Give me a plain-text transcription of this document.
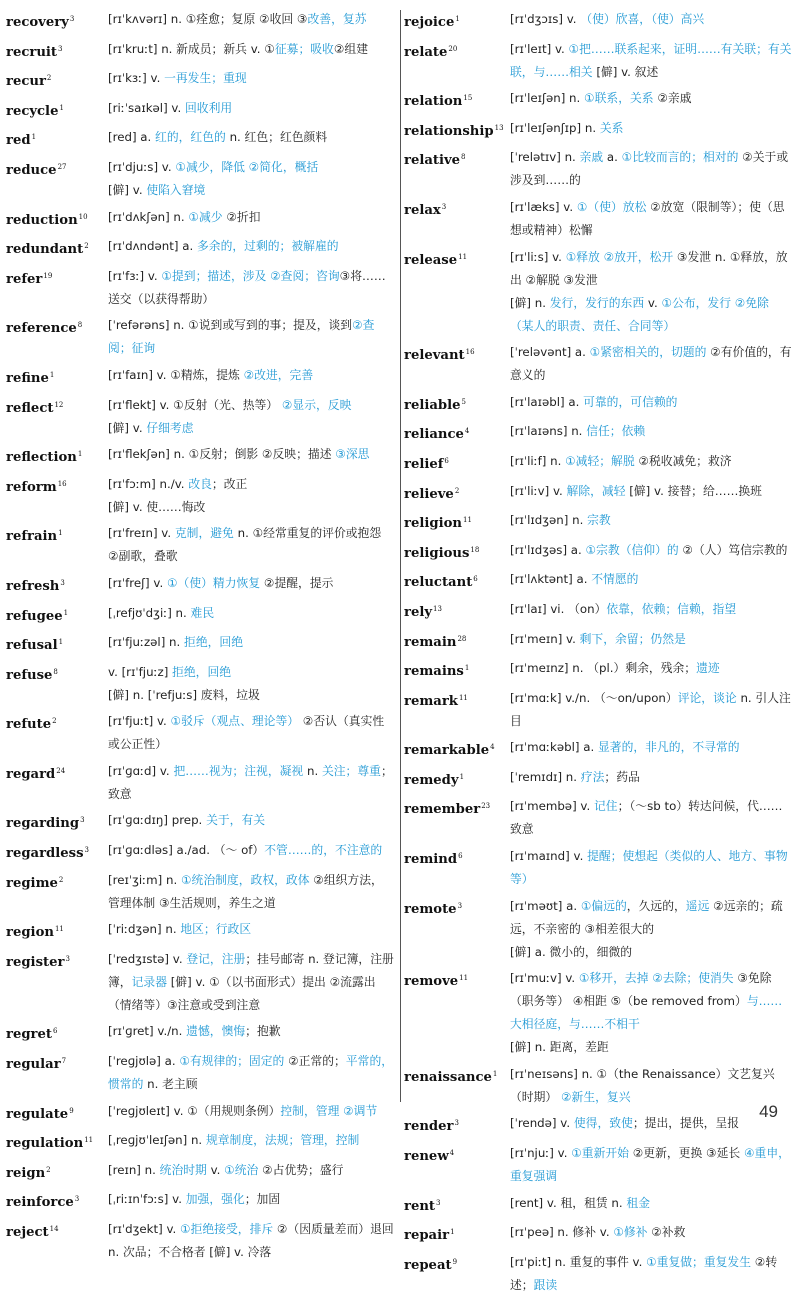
recovery$^3$	[rɪˈkʌvərɪ] n. ①痊愈；复原 ②收回 ③改善，复苏
recruit$^3$	[rɪˈkruːt] n. 新成员；新兵 v. ①征募；吸收②组建
recur$^2$	[rɪˈkɜː] v. 一再发生；重现
recycle$^1$	[riːˈsaɪkəl] v. 回收利用
red$^1$	[red] a. 红的，红色的 n. 红色；红色颜料
reduce$^{27}$	[rɪˈdjuːs] v. ①减少，降低 ②简化，概括
[僻] v. 使陷入窘境
reduction$^{10}$	[rɪˈdʌkʃən] n. ①减少 ②折扣
redundant$^2$	[rɪˈdʌndənt] a. 多余的，过剩的；被解雇的
refer$^{19}$	[rɪˈfɜː] v. ①提到；描述，涉及 ②查阅；咨询③将……送交（以获得帮助）
reference$^8$	[ˈrefərəns] n. ①说到或写到的事；提及，谈到②查阅；征询
refine$^1$	[rɪˈfaɪn] v. ①精炼，提炼 ②改进，完善
reflect$^{12}$	[rɪˈflekt] v. ①反射（光、热等） ②显示，反映
[僻] v. 仔细考虑
reflection$^1$	[rɪˈflekʃən] n. ①反射；倒影 ②反映；描述 ③深思
reform$^{16}$	[rɪˈfɔːm] n./v. 改良；改正
[僻] v. 使……悔改
refrain$^1$	[rɪˈfreɪn] v. 克制，避免 n. ①经常重复的评价或抱怨 ②副歌，叠歌
refresh$^3$	[rɪˈfreʃ] v. ①（使）精力恢复 ②提醒，提示
refugee$^1$	[ˌrefjʊˈdʒiː] n. 难民
refusal$^1$	[rɪˈfjuːzəl] n. 拒绝，回绝
refuse$^8$	v. [rɪˈfjuːz] 拒绝，回绝
[僻] n. [ˈrefjuːs] 废料，垃圾
refute$^2$	[rɪˈfjuːt] v. ①驳斥（观点、理论等） ②否认（真实性或公正性）
regard$^{24}$	[rɪˈɡɑːd] v. 把……视为；注视，凝视 n. 关注；尊重；致意
regarding$^3$	[rɪˈɡɑːdɪŋ] prep. 关于，有关
regardless$^3$	[rɪˈɡɑːdləs] a./ad. （～ of）不管……的，不注意的
regime$^2$	[reɪˈʒiːm] n. ①统治制度，政权，政体 ②组织方法，管理体制 ③生活规则，养生之道
region$^{11}$	[ˈriːdʒən] n. 地区；行政区
register$^3$	[ˈredʒɪstə] v. 登记，注册；挂号邮寄 n. 登记簿，注册簿，记录器 [僻] v. ①（以书面形式）提出 ②流露出（情绪等）③注意或受到注意
regret$^6$	[rɪˈɡret] v./n. 遗憾，懊悔；抱歉
regular$^7$	[ˈreɡjʊlə] a. ①有规律的；固定的 ②正常的；平常的，惯常的 n. 老主顾
regulate$^9$	[ˈreɡjʊleɪt] v. ①（用规则条例）控制，管理 ②调节
regulation$^{11}$	[ˌreɡjʊˈleɪʃən] n. 规章制度，法规；管理，控制
reign$^2$	[reɪn] n. 统治时期 v. ①统治 ②占优势；盛行
reinforce$^3$	[ˌriːɪnˈfɔːs] v. 加强，强化；加固
reject$^{14}$	[rɪˈdʒekt] v. ①拒绝接受，排斥 ②（因质量差而）退回 n. 次品；不合格者 [僻] v. 冷落
rejoice$^1$	[rɪˈdʒɔɪs] v. （使）欣喜，（使）高兴
relate$^{20}$	[rɪˈleɪt] v. ①把……联系起来，证明……有关联；有关联，与……相关 [僻] v. 叙述
relation$^{15}$	[rɪˈleɪʃən] n. ①联系，关系 ②亲戚
relationship$^{13}$ [rɪˈleɪʃənʃɪp] n. 关系
relative$^8$	[ˈrelətɪv] n. 亲戚 a. ①比较而言的；相对的 ②关于或涉及到……的
relax$^3$	[rɪˈlæks] v. ①（使）放松 ②放宽（限制等）；使（思想或精神）松懈
release$^{11}$	[rɪˈliːs] v. ①释放 ②放开，松开 ③发泄 n. ①释放，放出 ②解脱 ③发泄
[僻] n. 发行，发行的东西 v. ①公布，发行 ②免除（某人的职责、责任、合同等）
relevant$^{16}$	[ˈreləvənt] a. ①紧密相关的，切题的 ②有价值的，有意义的
reliable$^5$	[rɪˈlaɪəbl] a. 可靠的，可信赖的
reliance$^4$	[rɪˈlaɪəns] n. 信任；依赖
relief$^6$	[rɪˈliːf] n. ①减轻；解脱 ②税收减免；救济
relieve$^2$	[rɪˈliːv] v. 解除，减轻 [僻] v. 接替；给……换班
religion$^{11}$	[rɪˈlɪdʒən] n. 宗教
religious$^{18}$	[rɪˈlɪdʒəs] a. ①宗教（信仰）的 ②（人）笃信宗教的
reluctant$^6$	[rɪˈlʌktənt] a. 不情愿的
rely$^{13}$	[rɪˈlaɪ] vi. （on）依靠，依赖；信赖，指望
remain$^{28}$	[rɪˈmeɪn] v. 剩下，余留；仍然是
remains$^1$	[rɪˈmeɪnz] n. （pl.）剩余，残余；遗迹
remark$^{11}$	[rɪˈmɑːk] v./n. （～on/upon）评论，谈论 n. 引人注目
remarkable$^4$	[rɪˈmɑːkəbl] a. 显著的，非凡的，不寻常的
remedy$^1$	[ˈremɪdɪ] n. 疗法；药品
remember$^{23}$	[rɪˈmembə] v. 记住；（～sb to）转达问候，代……致意
remind$^6$	[rɪˈmaɪnd] v. 提醒；使想起（类似的人、地方、事物等）
remote$^3$	[rɪˈməʊt] a. ①偏远的，久远的，遥远 ②远亲的；疏远，不亲密的 ③相差很大的
[僻] a. 微小的，细微的
remove$^{11}$	[rɪˈmuːv] v. ①移开，去掉 ②去除；使消失 ③免除（职务等） ④相距 ⑤（be removed from）与……大相径庭，与……不相干
[僻] n. 距离，差距
renaissance$^1$	[rɪˈneɪsəns] n. ①（the Renaissance）文艺复兴（时期） ②新生，复兴
render$^3$	[ˈrendə] v. 使得，致使；提出，提供，呈报
renew$^4$	[rɪˈnjuː] v. ①重新开始 ②更新，更换 ③延长 ④重申，重复强调
rent$^3$	[rent] v. 租，租赁 n. 租金
repair$^1$	[rɪˈpeə] n. 修补 v. ①修补 ②补救
repeat$^9$	[rɪˈpiːt] n. 重复的事件 v. ①重复做；重复发生 ②转述；跟读
49
